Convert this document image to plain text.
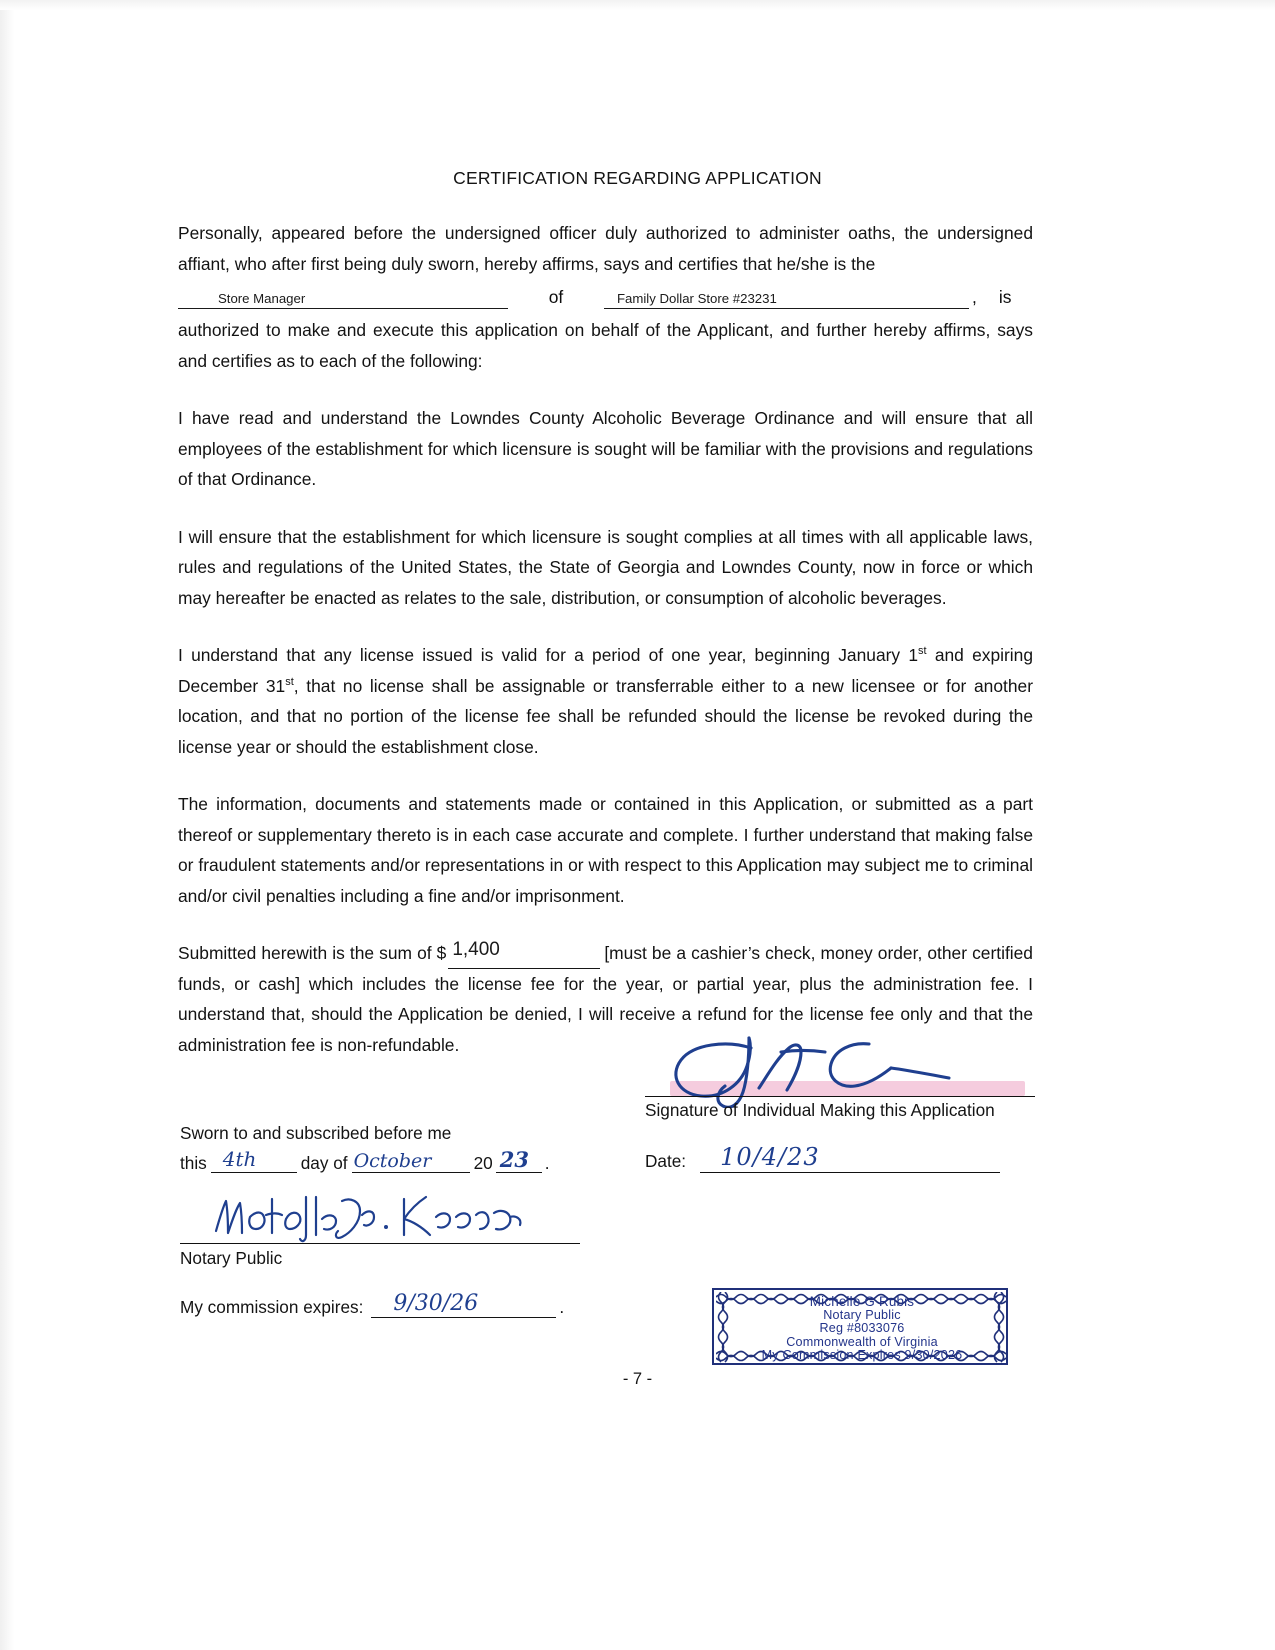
CERTIFICATION REGARDING APPLICATION

Personally, appeared before the undersigned officer duly authorized to administer oaths, the undersigned affiant, who after first being duly sworn, hereby affirms, says and certifies that he/she is the

Store Manager	of	Family Dollar Store #23231	,	is

authorized to make and execute this application on behalf of the Applicant, and further hereby affirms, says and certifies as to each of the following:

I have read and understand the Lowndes County Alcoholic Beverage Ordinance and will ensure that all employees of the establishment for which licensure is sought will be familiar with the provisions and regulations of that Ordinance.

I will ensure that the establishment for which licensure is sought complies at all times with all applicable laws, rules and regulations of the United States, the State of Georgia and Lowndes County, now in force or which may hereafter be enacted as relates to the sale, distribution, or consumption of alcoholic beverages.

I understand that any license issued is valid for a period of one year, beginning January 1st and expiring December 31st, that no license shall be assignable or transferrable either to a new licensee or for another location, and that no portion of the license fee shall be refunded should the license be revoked during the license year or should the establishment close.

The information, documents and statements made or contained in this Application, or submitted as a part thereof or supplementary thereto is in each case accurate and complete. I further understand that making false or fraudulent statements and/or representations in or with respect to this Application may subject me to criminal and/or civil penalties including a fine and/or imprisonment.

Submitted herewith is the sum of $ 1,400	[must be a cashier’s check, money order, other certified funds, or cash] which includes the license fee for the year, or partial year, plus the administration fee. I understand that, should the Application be denied, I will receive a refund for the license fee only and that the administration fee is non-refundable.

Signature of Individual Making this Application
Date: 10/4/23
Sworn to and subscribed before me
this 4th	day of October 20 23 .
Notary Public
My commission expires: 9/30/26	.	Michelle G Rubis
Notary Public
Reg #8033076
Commonwealth of Virginia
My Commission Expires 9/30/2026
- 7 -
